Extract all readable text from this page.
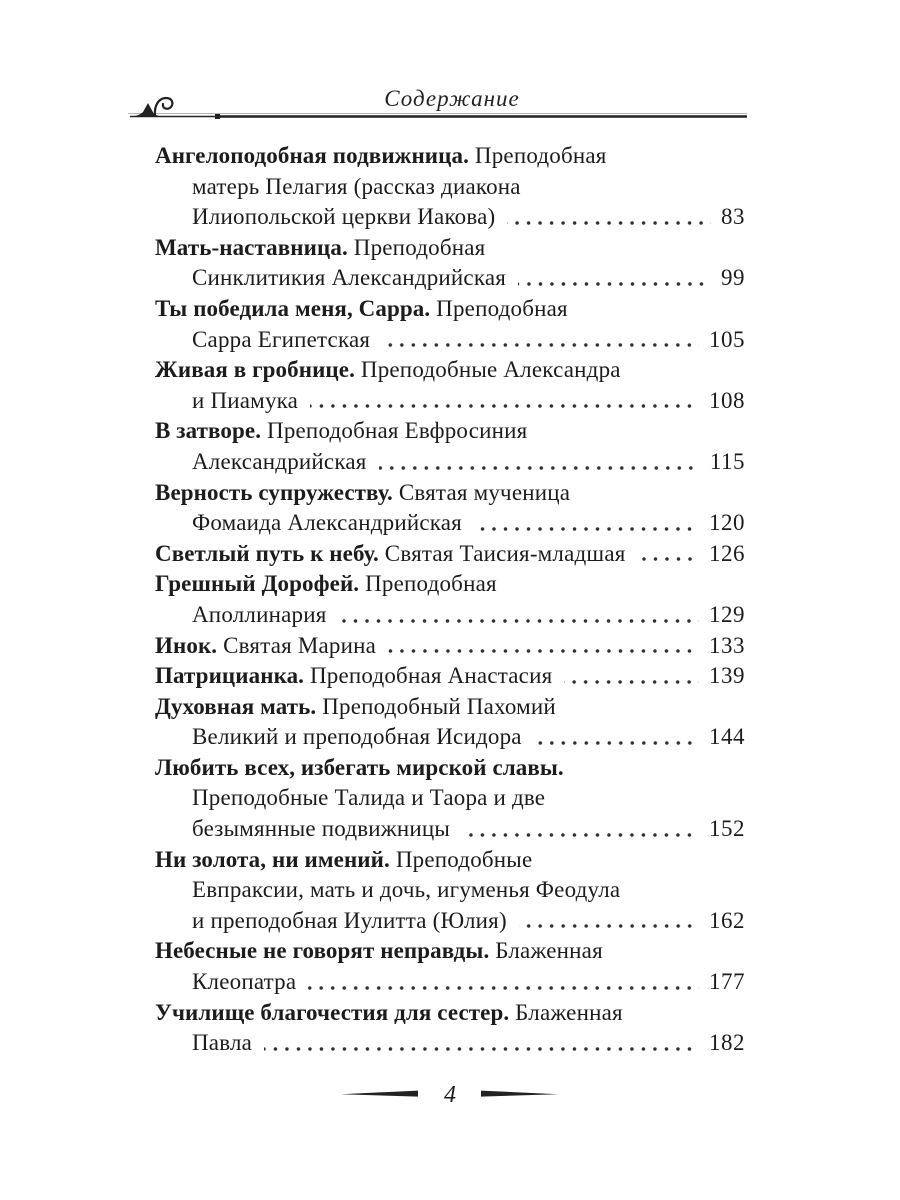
Содержание
Ангелоподобная подвижница. Преподобная
матерь Пелагия (рассказ диакона
Илиопольской церкви Иакова)	83
Мать-наставница. Преподобная
Синклитикия Александрийская	99
Ты победила меня, Сарра. Преподобная
Сарра Египетская	105
Живая в гробнице. Преподобные Александра
и Пиамука	108
В затворе. Преподобная Евфросиния
Александрийская	115
Верность супружеству. Святая мученица
Фомаида Александрийская	120
Светлый путь к небу. Святая Таисия-младшая	126
Грешный Дорофей. Преподобная
Аполлинария	129
Инок. Святая Марина	133
Патрицианка. Преподобная Анастасия	139
Духовная мать. Преподобный Пахомий
Великий и преподобная Исидора	144
Любить всех, избегать мирской славы.
Преподобные Талида и Таора и две
безымянные подвижницы	152
Ни золота, ни имений. Преподобные
Евпраксии, мать и дочь, игуменья Феодула
и преподобная Иулитта (Юлия)	162
Небесные не говорят неправды. Блаженная
Клеопатра	177
Училище благочестия для сестер. Блаженная
Павла	182
4
